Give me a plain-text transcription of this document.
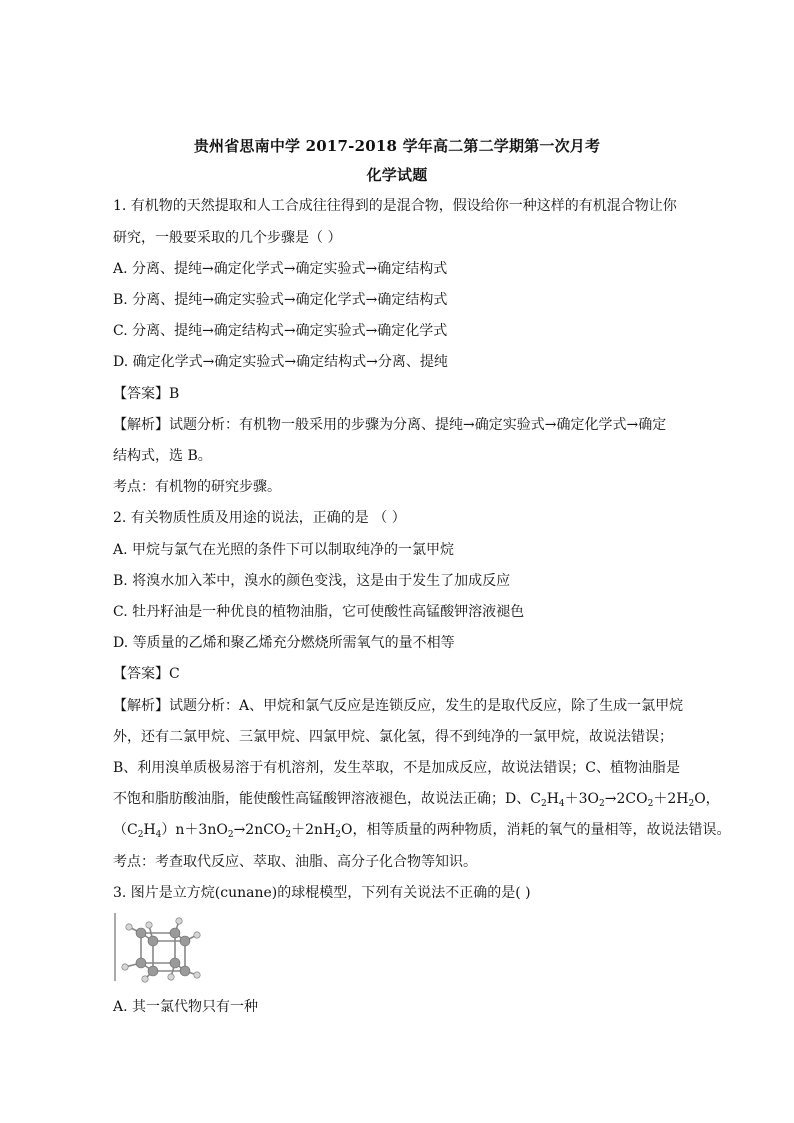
贵州省思南中学 2017-2018 学年高二第二学期第一次月考
化学试题
1. 有机物的天然提取和人工合成往往得到的是混合物，假设给你一种这样的有机混合物让你
研究，一般要采取的几个步骤是（ ）
A. 分离、提纯→确定化学式→确定实验式→确定结构式
B. 分离、提纯→确定实验式→确定化学式→确定结构式
C. 分离、提纯→确定结构式→确定实验式→确定化学式
D. 确定化学式→确定实验式→确定结构式→分离、提纯
【答案】B
【解析】试题分析：有机物一般采用的步骤为分离、提纯→确定实验式→确定化学式→确定
结构式，选 B。
考点：有机物的研究步骤。
2. 有关物质性质及用途的说法，正确的是 （ ）
A. 甲烷与氯气在光照的条件下可以制取纯净的一氯甲烷
B. 将溴水加入苯中，溴水的颜色变浅，这是由于发生了加成反应
C. 牡丹籽油是一种优良的植物油脂，它可使酸性高锰酸钾溶液褪色
D. 等质量的乙烯和聚乙烯充分燃烧所需氧气的量不相等
【答案】C
【解析】试题分析：A、甲烷和氯气反应是连锁反应，发生的是取代反应，除了生成一氯甲烷
外，还有二氯甲烷、三氯甲烷、四氯甲烷、氯化氢，得不到纯净的一氯甲烷，故说法错误；
B、利用溴单质极易溶于有机溶剂，发生萃取，不是加成反应，故说法错误；C、植物油脂是
不饱和脂肪酸油脂，能使酸性高锰酸钾溶液褪色，故说法正确；D、$C_2H_4+3O_2\to 2CO_2+2H_2O$，
$(C_2H_4)n+3nO_2\to 2nCO_2+2nH_2O$，相等质量的两种物质，消耗的氧气的量相等，故说法错误。
考点：考查取代反应、萃取、油脂、高分子化合物等知识。
3. 图片是立方烷(cunane)的球棍模型，下列有关说法不正确的是( )
A. 其一氯代物只有一种
